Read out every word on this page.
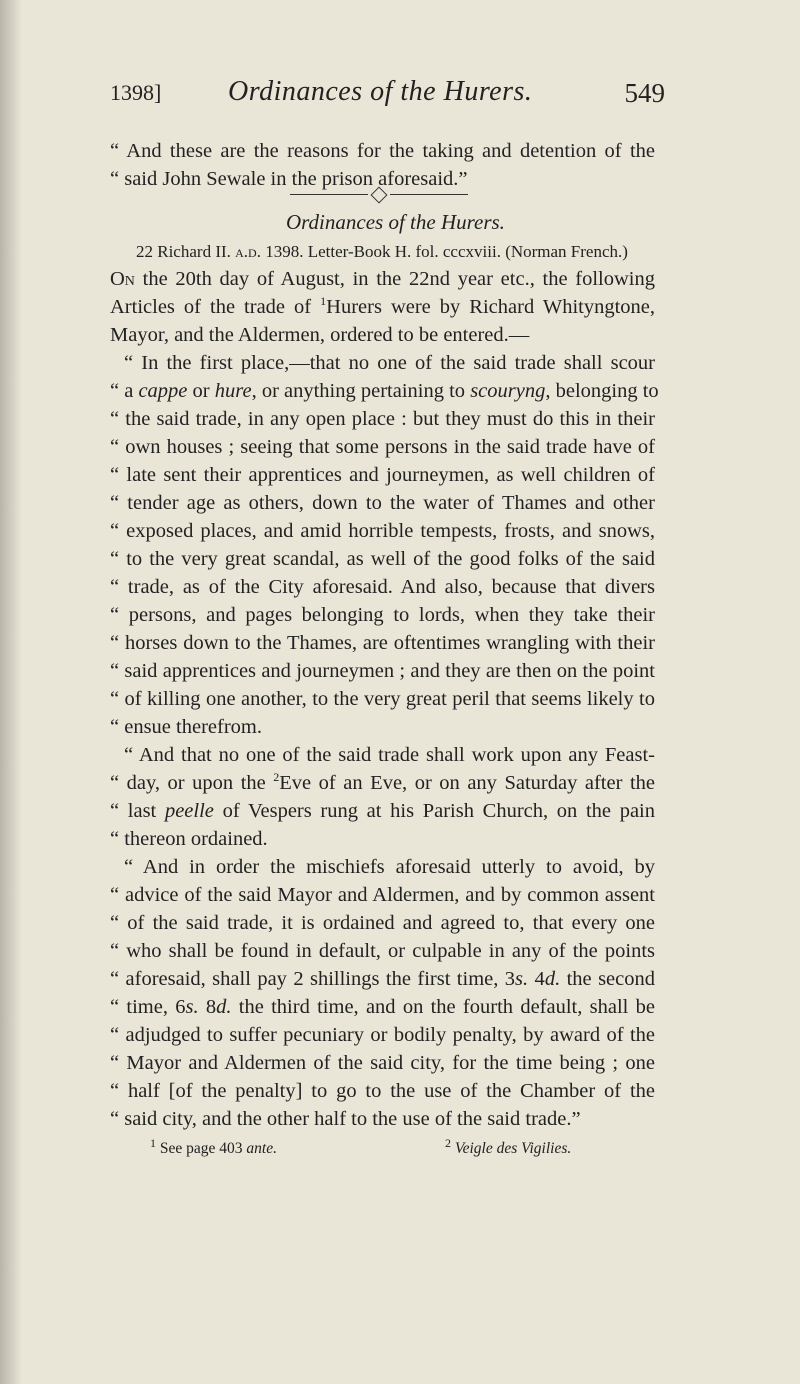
1398] Ordinances of the Hurers.	549
“ And these are the reasons for the taking and detention of the
“ said John Sewale in the prison aforesaid.”
Ordinances of the Hurers.
22 Richard II. a.d. 1398. Letter-Book H. fol. cccxviii. (Norman French.)
On the 20th day of August, in the 22nd year etc., the following
Articles of the trade of $^1$Hurers were by Richard Whityngtone,
Mayor, and the Aldermen, ordered to be entered.—
“ In the first place,—that no one of the said trade shall scour
“ a cappe or hure, or anything pertaining to scouryng, belonging to
“ the said trade, in any open place : but they must do this in their
“ own houses ; seeing that some persons in the said trade have of
“ late sent their apprentices and journeymen, as well children of
“ tender age as others, down to the water of Thames and other
“ exposed places, and amid horrible tempests, frosts, and snows,
“ to the very great scandal, as well of the good folks of the said
“ trade, as of the City aforesaid. And also, because that divers
“ persons, and pages belonging to lords, when they take their
“ horses down to the Thames, are oftentimes wrangling with their
“ said apprentices and journeymen ; and they are then on the point
“ of killing one another, to the very great peril that seems likely to
“ ensue therefrom.
“ And that no one of the said trade shall work upon any Feast-
“ day, or upon the $^2$Eve of an Eve, or on any Saturday after the
“ last peelle of Vespers rung at his Parish Church, on the pain
“ thereon ordained.
“ And in order the mischiefs aforesaid utterly to avoid, by
“ advice of the said Mayor and Aldermen, and by common assent
“ of the said trade, it is ordained and agreed to, that every one
“ who shall be found in default, or culpable in any of the points
“ aforesaid, shall pay 2 shillings the first time, 3s. 4d. the second
“ time, 6s. 8d. the third time, and on the fourth default, shall be
“ adjudged to suffer pecuniary or bodily penalty, by award of the
“ Mayor and Aldermen of the said city, for the time being ; one
“ half [of the penalty] to go to the use of the Chamber of the
“ said city, and the other half to the use of the said trade.”
$^1$ See page 403 ante.	$^2$ Veigle des Vigilies.
